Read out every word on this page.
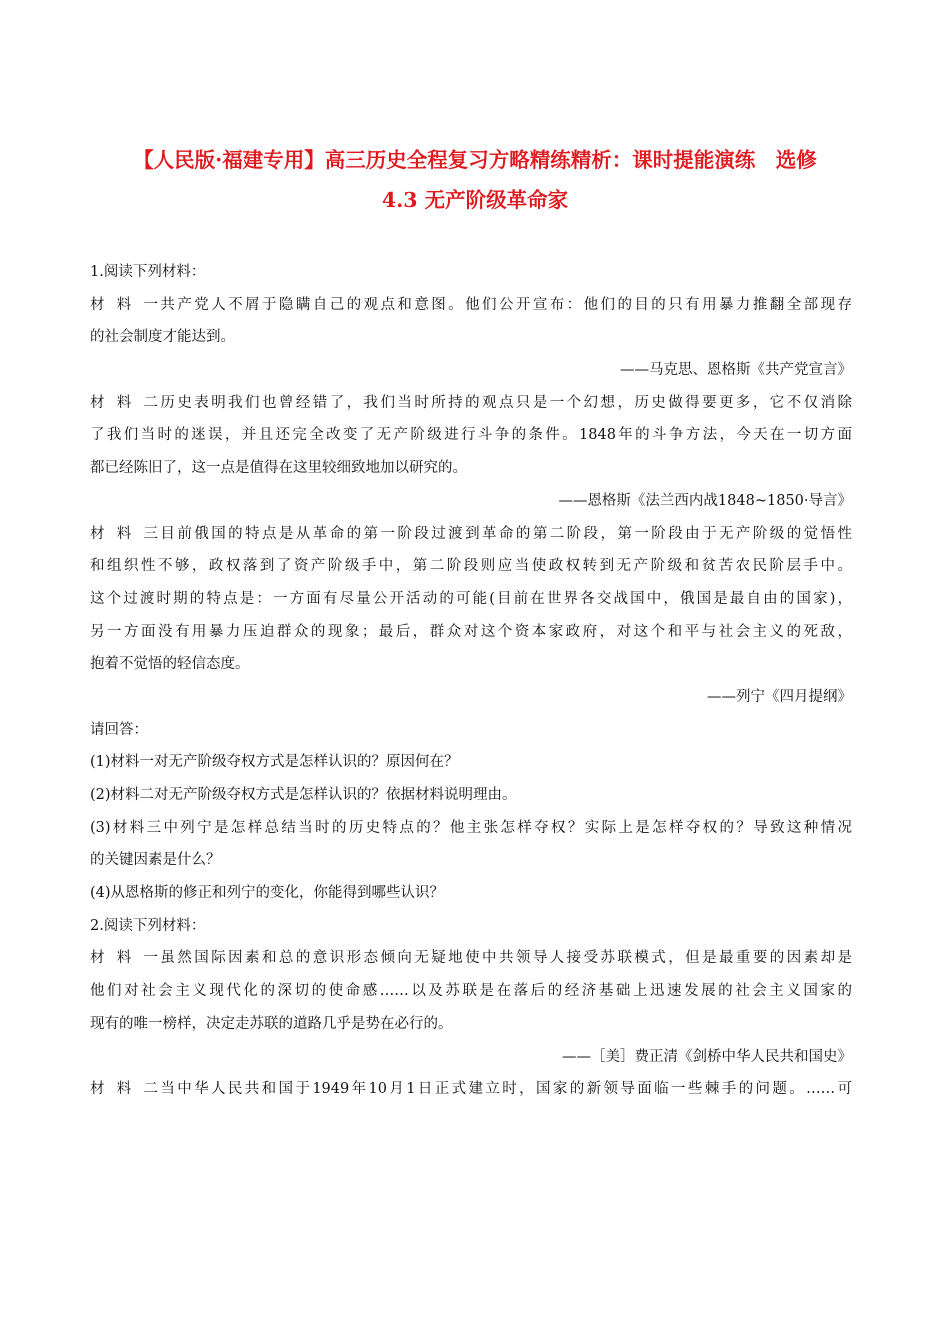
【人民版·福建专用】高三历史全程复习方略精练精析：课时提能演练　选修
4.3 无产阶级革命家
1.阅读下列材料：
材料一共产党人不屑于隐瞒自己的观点和意图。他们公开宣布：他们的目的只有用暴力推翻全部现存
的社会制度才能达到。
——马克思、恩格斯《共产党宣言》
材料二历史表明我们也曾经错了，我们当时所持的观点只是一个幻想，历史做得要更多，它不仅消除
了我们当时的迷误，并且还完全改变了无产阶级进行斗争的条件。1848年的斗争方法，今天在一切方面
都已经陈旧了，这一点是值得在这里较细致地加以研究的。
——恩格斯《法兰西内战1848~1850·导言》
材料三目前俄国的特点是从革命的第一阶段过渡到革命的第二阶段，第一阶段由于无产阶级的觉悟性
和组织性不够，政权落到了资产阶级手中，第二阶段则应当使政权转到无产阶级和贫苦农民阶层手中。
这个过渡时期的特点是：一方面有尽量公开活动的可能(目前在世界各交战国中，俄国是最自由的国家)，
另一方面没有用暴力压迫群众的现象；最后，群众对这个资本家政府，对这个和平与社会主义的死敌，
抱着不觉悟的轻信态度。
——列宁《四月提纲》
请回答：
(1)材料一对无产阶级夺权方式是怎样认识的？原因何在？
(2)材料二对无产阶级夺权方式是怎样认识的？依据材料说明理由。
(3)材料三中列宁是怎样总结当时的历史特点的？他主张怎样夺权？实际上是怎样夺权的？导致这种情况
的关键因素是什么？
(4)从恩格斯的修正和列宁的变化，你能得到哪些认识？
2.阅读下列材料：
材料一虽然国际因素和总的意识形态倾向无疑地使中共领导人接受苏联模式，但是最重要的因素却是
他们对社会主义现代化的深切的使命感……以及苏联是在落后的经济基础上迅速发展的社会主义国家的
现有的唯一榜样，决定走苏联的道路几乎是势在必行的。
——［美］费正清《剑桥中华人民共和国史》
材料二当中华人民共和国于1949年10月1日正式建立时，国家的新领导面临一些棘手的问题。……可
